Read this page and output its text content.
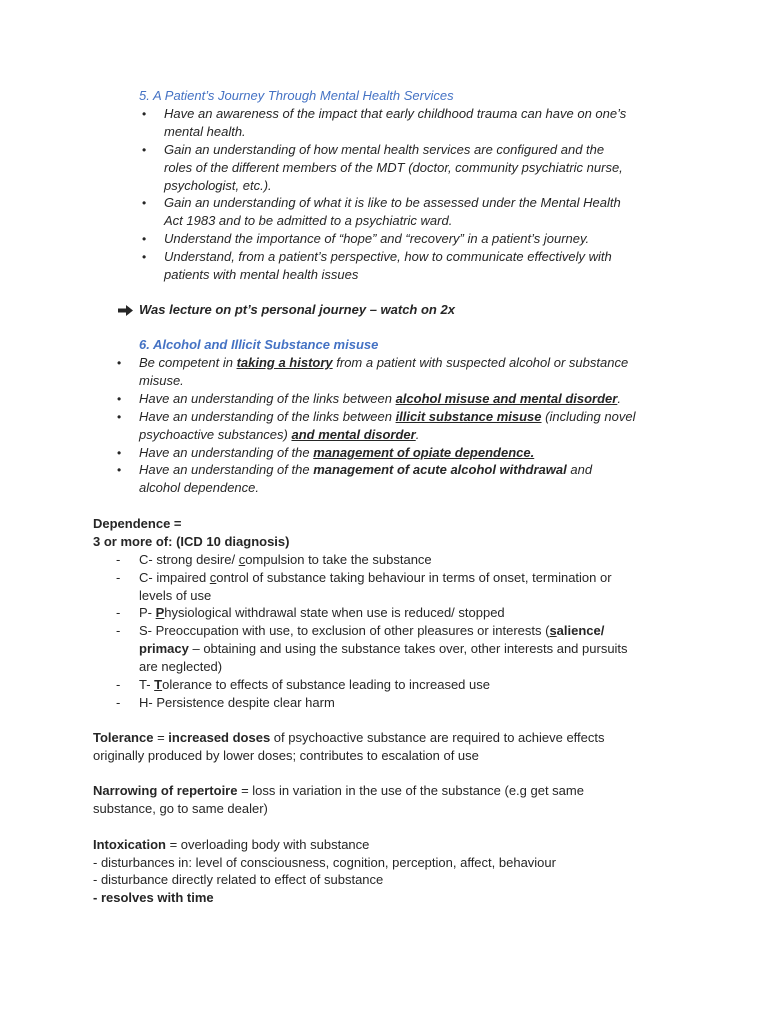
5. A Patient’s Journey Through Mental Health Services
• Have an awareness of the impact that early childhood trauma can have on one’s
mental health.
• Gain an understanding of how mental health services are configured and the
roles of the different members of the MDT (doctor, community psychiatric nurse,
psychologist, etc.).
• Gain an understanding of what it is like to be assessed under the Mental Health
Act 1983 and to be admitted to a psychiatric ward.
• Understand the importance of “hope” and “recovery” in a patient’s journey.
• Understand, from a patient’s perspective, how to communicate effectively with
patients with mental health issues
Was lecture on pt’s personal journey – watch on 2x
6. Alcohol and Illicit Substance misuse
• Be competent in taking a history from a patient with suspected alcohol or substance
misuse.
• Have an understanding of the links between alcohol misuse and mental disorder.
• Have an understanding of the links between illicit substance misuse (including novel
psychoactive substances) and mental disorder.
• Have an understanding of the management of opiate dependence.
• Have an understanding of the management of acute alcohol withdrawal and
alcohol dependence.
Dependence =
3 or more of: (ICD 10 diagnosis)
- C- strong desire/ compulsion to take the substance
- C- impaired control of substance taking behaviour in terms of onset, termination or
levels of use
- P- Physiological withdrawal state when use is reduced/ stopped
- S- Preoccupation with use, to exclusion of other pleasures or interests (salience/
primacy – obtaining and using the substance takes over, other interests and pursuits
are neglected)
- T- Tolerance to effects of substance leading to increased use
- H- Persistence despite clear harm
Tolerance = increased doses of psychoactive substance are required to achieve effects
originally produced by lower doses; contributes to escalation of use
Narrowing of repertoire = loss in variation in the use of the substance (e.g get same
substance, go to same dealer)
Intoxication = overloading body with substance
- disturbances in: level of consciousness, cognition, perception, affect, behaviour
- disturbance directly related to effect of substance
- resolves with time
